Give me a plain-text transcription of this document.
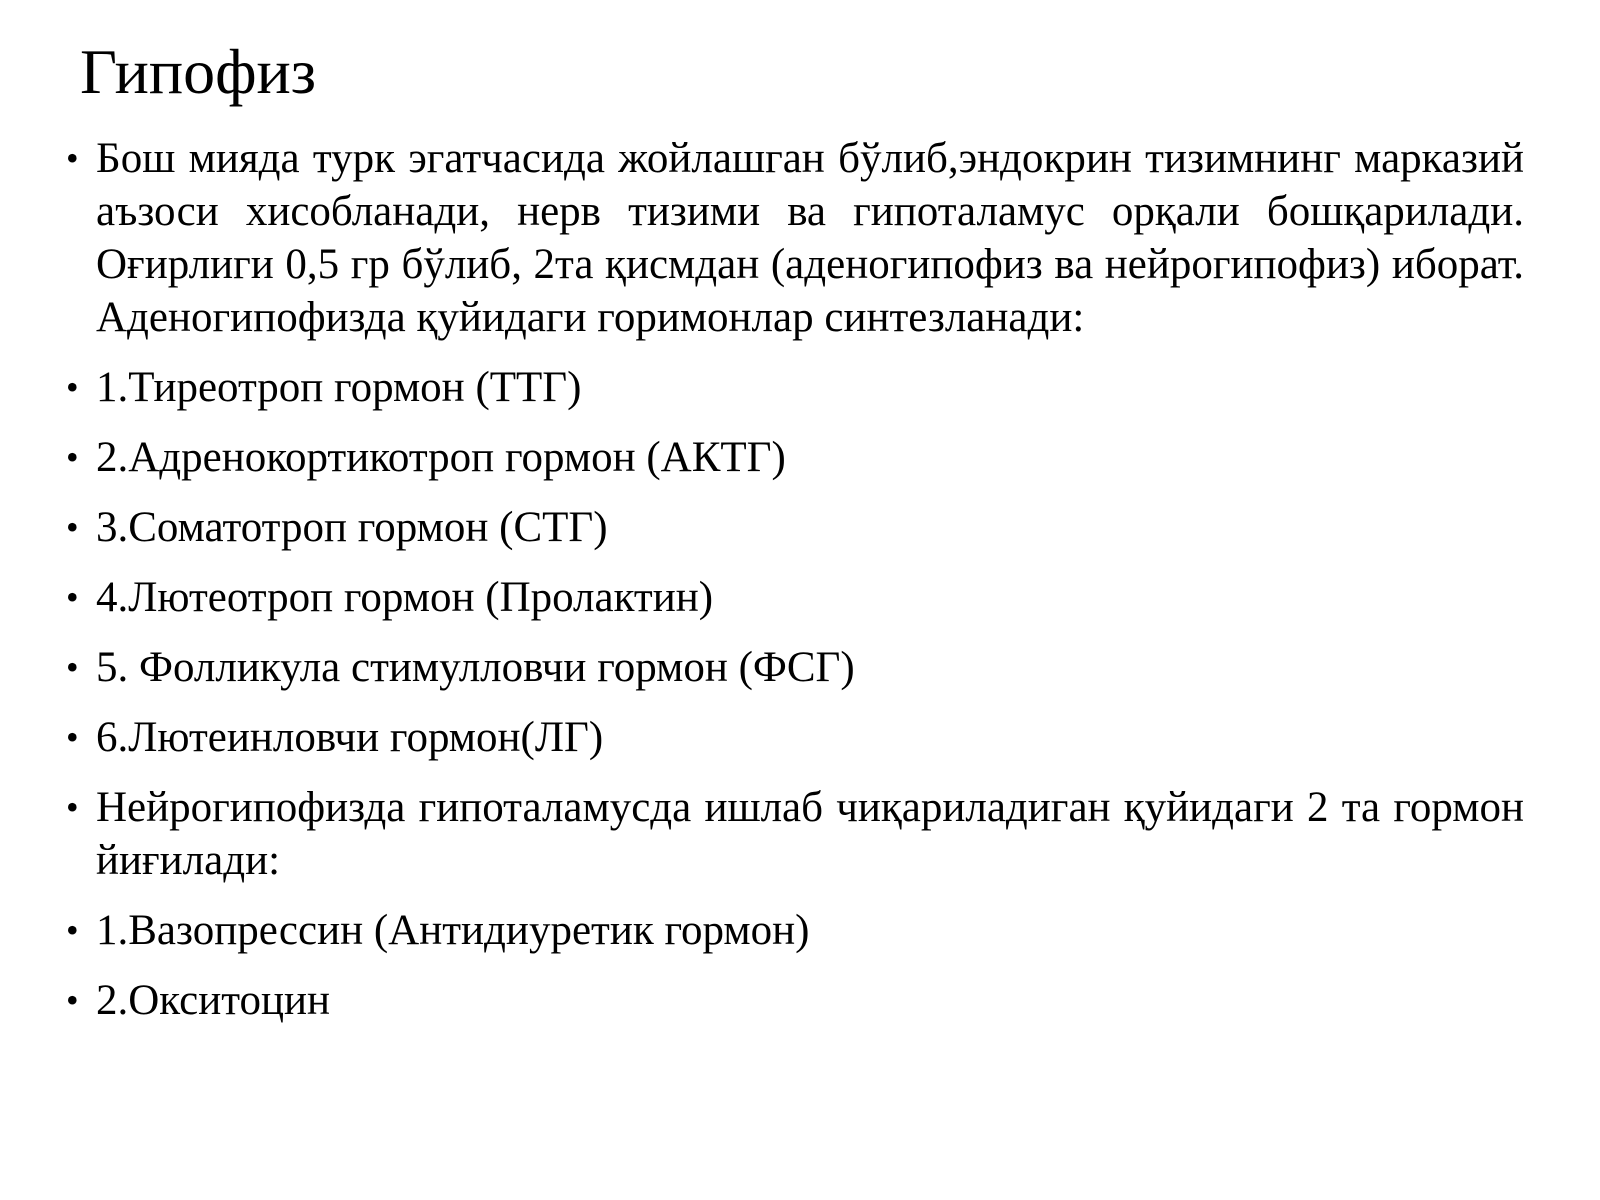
Гипофиз
• Бош мияда турк эгатчасида жойлашган бўлиб,эндокрин тизимнинг марказий аъзоси хисобланади, нерв тизими ва гипоталамус орқали бошқарилади. Оғирлиги 0,5 гр бўлиб, 2та қисмдан (аденогипофиз ва нейрогипофиз) иборат. Аденогипофизда қуйидаги горимонлар синтезланади:
• 1.Тиреотроп гормон (ТТГ)
• 2.Адренокортикотроп гормон (АКТГ)
• 3.Соматотроп гормон (СТГ)
• 4.Лютеотроп гормон (Пролактин)
• 5. Фолликула стимулловчи гормон (ФСГ)
• 6.Лютеинловчи гормон(ЛГ)
• Нейрогипофизда гипоталамусда ишлаб чиқариладиган қуйидаги 2 та гормон йиғилади:
• 1.Вазопрессин (Антидиуретик гормон)
• 2.Окситоцин
